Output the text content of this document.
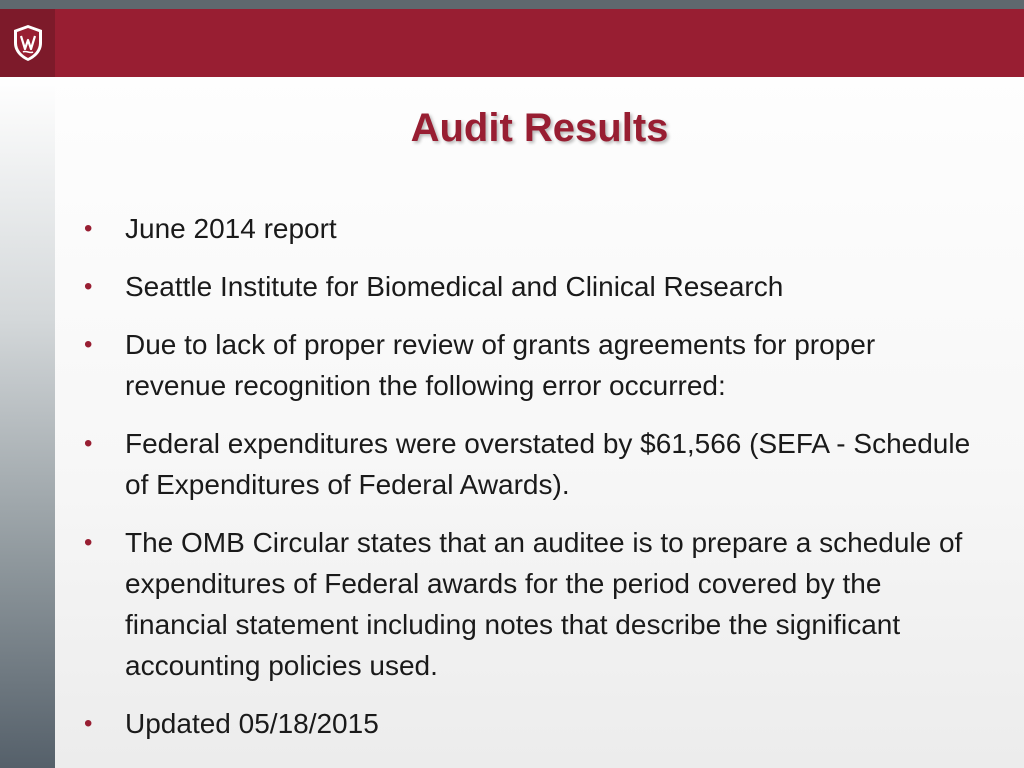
Audit Results
• June 2014 report
• Seattle Institute for Biomedical and Clinical Research
• Due to lack of proper review of grants agreements for proper revenue recognition the following error occurred:
• Federal expenditures were overstated by $61,566 (SEFA - Schedule of Expenditures of Federal Awards).
• The OMB Circular states that an auditee is to prepare a schedule of expenditures of Federal awards for the period covered by the financial statement including notes that describe the significant accounting policies used.
• Updated 05/18/2015
